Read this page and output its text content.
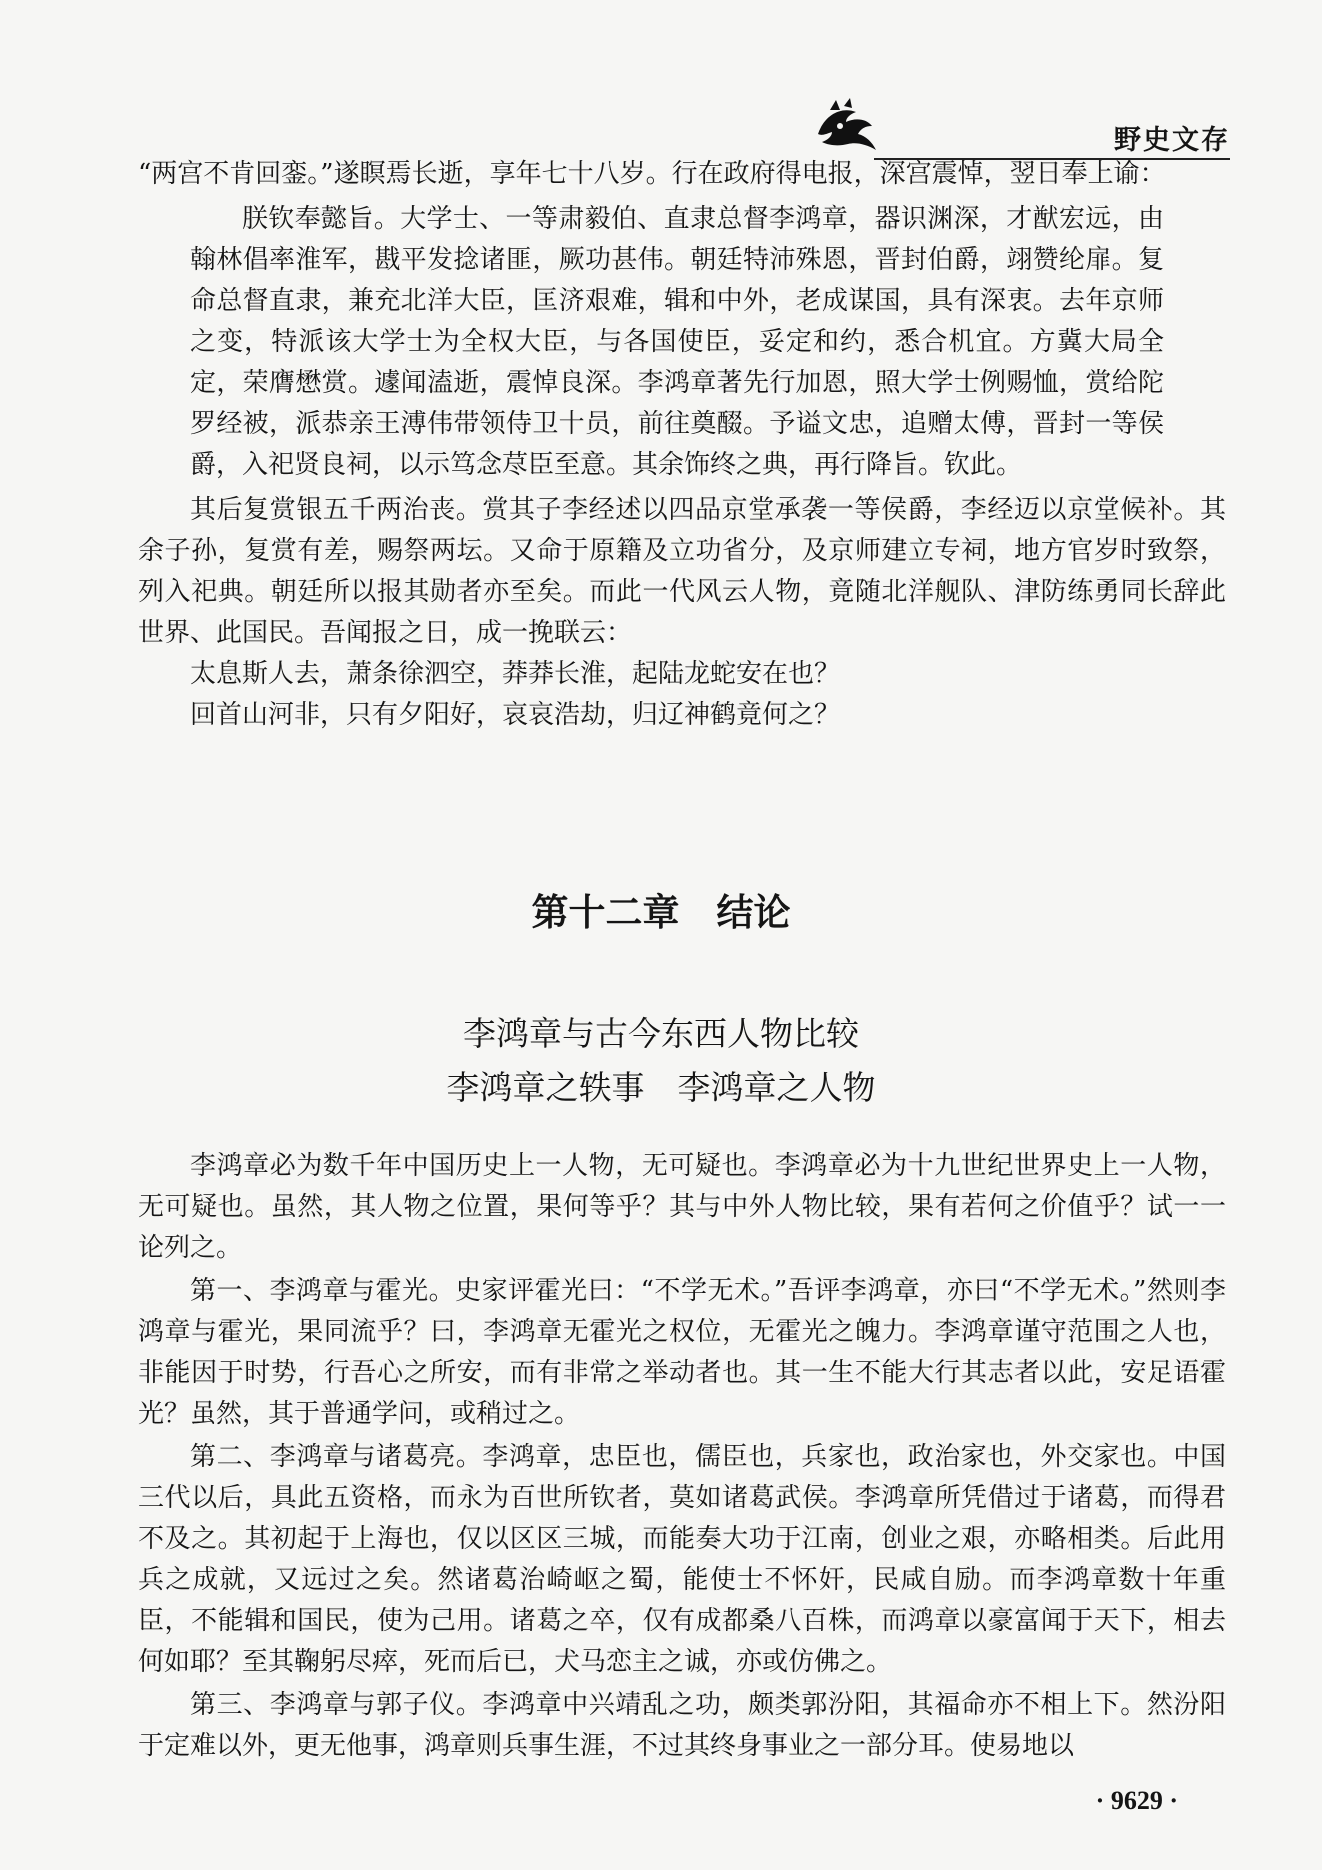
野史文存

“两宫不肯回銮。”遂瞑焉长逝，享年七十八岁。行在政府得电报，深宫震悼，翌日奉上谕：

朕钦奉懿旨。大学士、一等肃毅伯、直隶总督李鸿章，器识渊深，才猷宏远，由翰林倡率淮军，戡平发捻诸匪，厥功甚伟。朝廷特沛殊恩，晋封伯爵，翊赞纶扉。复命总督直隶，兼充北洋大臣，匡济艰难，辑和中外，老成谋国，具有深衷。去年京师之变，特派该大学士为全权大臣，与各国使臣，妥定和约，悉合机宜。方冀大局全定，荣膺懋赏。遽闻溘逝，震悼良深。李鸿章著先行加恩，照大学士例赐恤，赏给陀罗经被，派恭亲王溥伟带领侍卫十员，前往奠醊。予谥文忠，追赠太傅，晋封一等侯爵，入祀贤良祠，以示笃念荩臣至意。其余饰终之典，再行降旨。钦此。

其后复赏银五千两治丧。赏其子李经述以四品京堂承袭一等侯爵，李经迈以京堂候补。其余子孙，复赏有差，赐祭两坛。又命于原籍及立功省分，及京师建立专祠，地方官岁时致祭，列入祀典。朝廷所以报其勋者亦至矣。而此一代风云人物，竟随北洋舰队、津防练勇同长辞此世界、此国民。吾闻报之日，成一挽联云：

太息斯人去，萧条徐泗空，莽莽长淮，起陆龙蛇安在也？

回首山河非，只有夕阳好，哀哀浩劫，归辽神鹤竟何之？

第十二章　结论
李鸿章与古今东西人物比较
李鸿章之轶事　李鸿章之人物

李鸿章必为数千年中国历史上一人物，无可疑也。李鸿章必为十九世纪世界史上一人物，无可疑也。虽然，其人物之位置，果何等乎？其与中外人物比较，果有若何之价值乎？试一一论列之。

第一、李鸿章与霍光。史家评霍光曰：“不学无术。”吾评李鸿章，亦曰“不学无术。”然则李鸿章与霍光，果同流乎？曰，李鸿章无霍光之权位，无霍光之魄力。李鸿章谨守范围之人也，非能因于时势，行吾心之所安，而有非常之举动者也。其一生不能大行其志者以此，安足语霍光？虽然，其于普通学问，或稍过之。

第二、李鸿章与诸葛亮。李鸿章，忠臣也，儒臣也，兵家也，政治家也，外交家也。中国三代以后，具此五资格，而永为百世所钦者，莫如诸葛武侯。李鸿章所凭借过于诸葛，而得君不及之。其初起于上海也，仅以区区三城，而能奏大功于江南，创业之艰，亦略相类。后此用兵之成就，又远过之矣。然诸葛治崎岖之蜀，能使士不怀奸，民咸自励。而李鸿章数十年重臣，不能辑和国民，使为己用。诸葛之卒，仅有成都桑八百株，而鸿章以豪富闻于天下，相去何如耶？至其鞠躬尽瘁，死而后已，犬马恋主之诚，亦或仿佛之。

第三、李鸿章与郭子仪。李鸿章中兴靖乱之功，颇类郭汾阳，其福命亦不相上下。然汾阳于定难以外，更无他事，鸿章则兵事生涯，不过其终身事业之一部分耳。使易地以

· 9629 ·
